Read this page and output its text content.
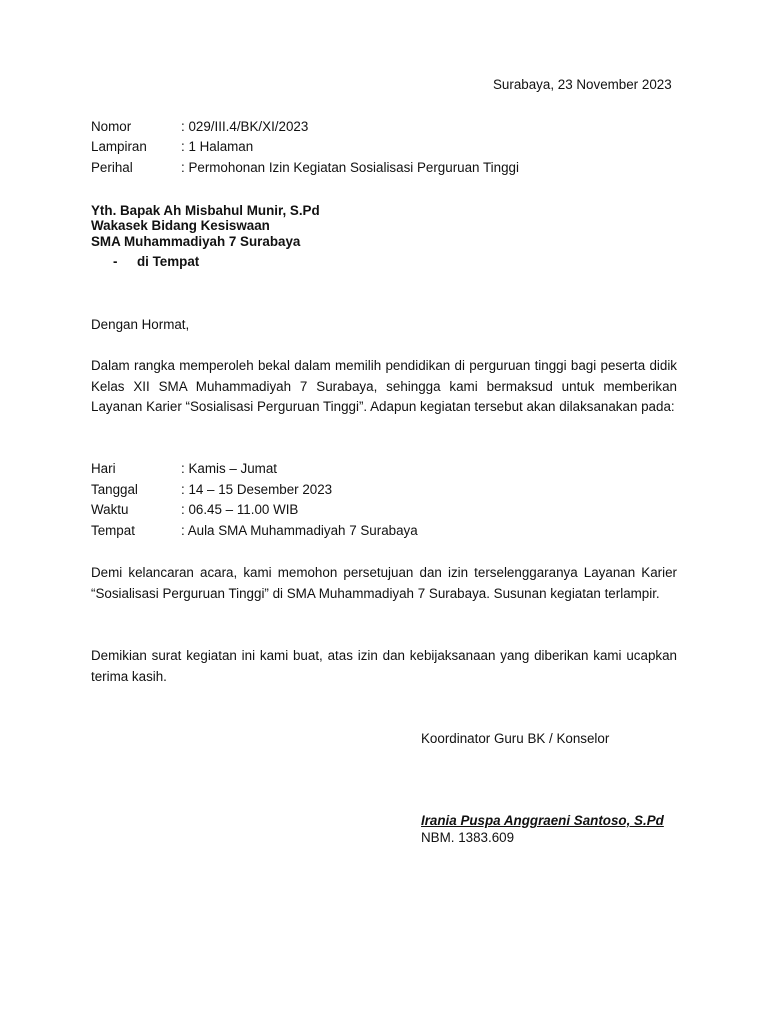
Surabaya, 23 November 2023
Nomor	: 029/III.4/BK/XI/2023
Lampiran	: 1 Halaman
Perihal	: Permohonan Izin Kegiatan Sosialisasi Perguruan Tinggi
Yth. Bapak Ah Misbahul Munir, S.Pd
Wakasek Bidang Kesiswaan
SMA Muhammadiyah 7 Surabaya
- di Tempat
Dengan Hormat,
Dalam rangka memperoleh bekal dalam memilih pendidikan di perguruan tinggi bagi peserta didik Kelas XII SMA Muhammadiyah 7 Surabaya, sehingga kami bermaksud untuk memberikan Layanan Karier “Sosialisasi Perguruan Tinggi”. Adapun kegiatan tersebut akan dilaksanakan pada:
Hari	: Kamis – Jumat
Tanggal	: 14 – 15 Desember 2023
Waktu	: 06.45 – 11.00 WIB
Tempat	: Aula SMA Muhammadiyah 7 Surabaya
Demi kelancaran acara, kami memohon persetujuan dan izin terselenggaranya Layanan Karier “Sosialisasi Perguruan Tinggi” di SMA Muhammadiyah 7 Surabaya. Susunan kegiatan terlampir.
Demikian surat kegiatan ini kami buat, atas izin dan kebijaksanaan yang diberikan kami ucapkan terima kasih.
Koordinator Guru BK / Konselor
Irania Puspa Anggraeni Santoso, S.Pd
NBM. 1383.609
